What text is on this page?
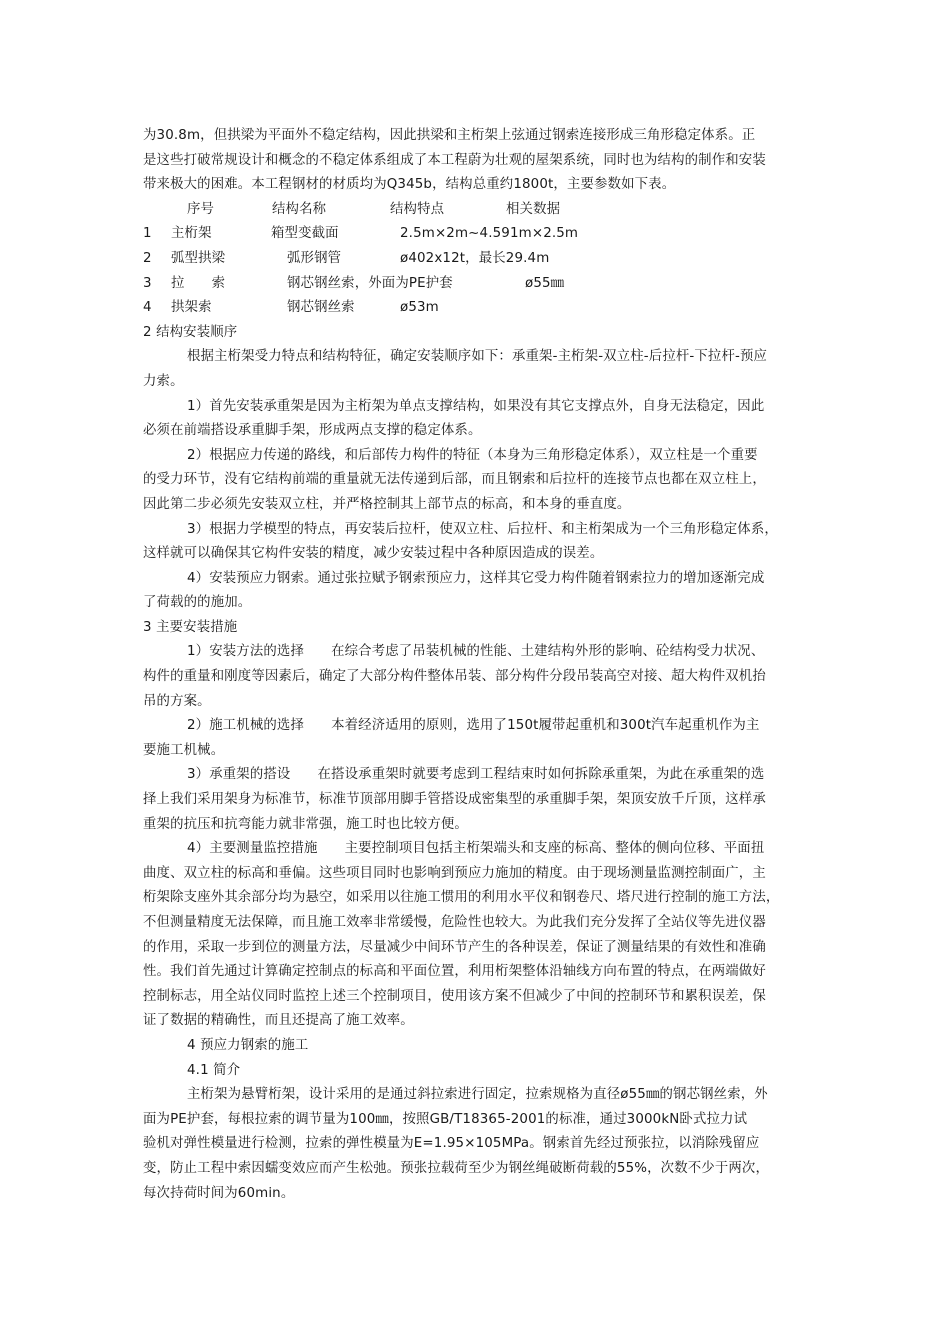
为30.8m，但拱梁为平面外不稳定结构，因此拱梁和主桁架上弦通过钢索连接形成三角形稳定体系。正
是这些打破常规设计和概念的不稳定体系组成了本工程蔚为壮观的屋架系统，同时也为结构的制作和安装
带来极大的困难。本工程钢材的材质均为Q345b，结构总重约1800t，主要参数如下表。
序号	结构名称	结构特点	相关数据
1	主桁架	箱型变截面	2.5m×2m~4.591m×2.5m
2	弧型拱梁	弧形钢管	ø402x12t，最长29.4m
3	拉　　索	钢芯钢丝索，外面为PE护套	ø55㎜
4	拱架索	钢芯钢丝索	ø53m
2 结构安装顺序
根据主桁架受力特点和结构特征，确定安装顺序如下：承重架-主桁架-双立柱-后拉杆-下拉杆-预应
力索。
1）首先安装承重架是因为主桁架为单点支撑结构，如果没有其它支撑点外，自身无法稳定，因此
必须在前端搭设承重脚手架，形成两点支撑的稳定体系。
2）根据应力传递的路线，和后部传力构件的特征（本身为三角形稳定体系），双立柱是一个重要
的受力环节，没有它结构前端的重量就无法传递到后部，而且钢索和后拉杆的连接节点也都在双立柱上，
因此第二步必须先安装双立柱，并严格控制其上部节点的标高，和本身的垂直度。
3）根据力学模型的特点，再安装后拉杆，使双立柱、后拉杆、和主桁架成为一个三角形稳定体系，
这样就可以确保其它构件安装的精度，减少安装过程中各种原因造成的误差。
4）安装预应力钢索。通过张拉赋予钢索预应力，这样其它受力构件随着钢索拉力的增加逐渐完成
了荷载的的施加。
3 主要安装措施
1）安装方法的选择　　在综合考虑了吊装机械的性能、土建结构外形的影响、砼结构受力状况、
构件的重量和刚度等因素后，确定了大部分构件整体吊装、部分构件分段吊装高空对接、超大构件双机抬
吊的方案。
2）施工机械的选择　　本着经济适用的原则，选用了150t履带起重机和300t汽车起重机作为主
要施工机械。
3）承重架的搭设　　在搭设承重架时就要考虑到工程结束时如何拆除承重架，为此在承重架的选
择上我们采用架身为标准节，标准节顶部用脚手管搭设成密集型的承重脚手架，架顶安放千斤顶，这样承
重架的抗压和抗弯能力就非常强，施工时也比较方便。
4）主要测量监控措施　　主要控制项目包括主桁架端头和支座的标高、整体的侧向位移、平面扭
曲度、双立柱的标高和垂偏。这些项目同时也影响到预应力施加的精度。由于现场测量监测控制面广，主
桁架除支座外其余部分均为悬空，如采用以往施工惯用的利用水平仪和钢卷尺、塔尺进行控制的施工方法，
不但测量精度无法保障，而且施工效率非常缓慢，危险性也较大。为此我们充分发挥了全站仪等先进仪器
的作用，采取一步到位的测量方法，尽量减少中间环节产生的各种误差，保证了测量结果的有效性和准确
性。我们首先通过计算确定控制点的标高和平面位置，利用桁架整体沿轴线方向布置的特点，在两端做好
控制标志，用全站仪同时监控上述三个控制项目，使用该方案不但减少了中间的控制环节和累积误差，保
证了数据的精确性，而且还提高了施工效率。
4 预应力钢索的施工
4.1 简介
主桁架为悬臂桁架，设计采用的是通过斜拉索进行固定，拉索规格为直径ø55㎜的钢芯钢丝索，外
面为PE护套，每根拉索的调节量为100㎜，按照GB/T18365-2001的标准，通过3000kN卧式拉力试
验机对弹性模量进行检测，拉索的弹性模量为E=1.95×105MPa。钢索首先经过预张拉，以消除残留应
变，防止工程中索因蠕变效应而产生松弛。预张拉载荷至少为钢丝绳破断荷载的55%，次数不少于两次，
每次持荷时间为60min。
